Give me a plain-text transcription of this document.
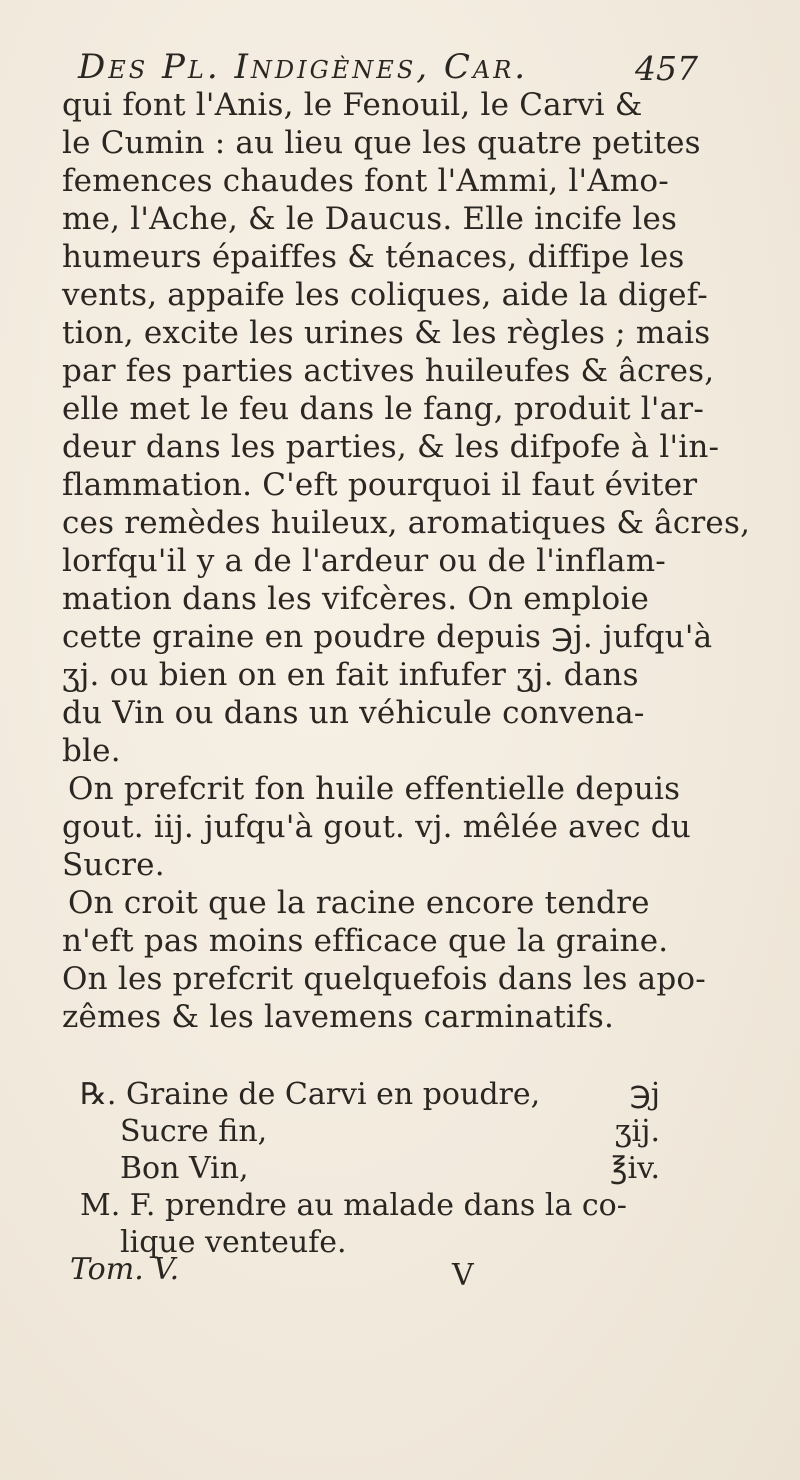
Des Pl. Indigènes, Car.	457
qui font l'Anis, le Fenouil, le Carvi &
le Cumin : au lieu que les quatre petites
femences chaudes font l'Ammi, l'Amo-
me, l'Ache, & le Daucus. Elle incife les
humeurs épaiffes & ténaces, diffipe les
vents, appaife les coliques, aide la digef-
tion, excite les urines & les règles ; mais
par fes parties actives huileufes & âcres,
elle met le feu dans le fang, produit l'ar-
deur dans les parties, & les difpofe à l'in-
flammation. C'eft pourquoi il faut éviter
ces remèdes huileux, aromatiques & âcres,
lorfqu'il y a de l'ardeur ou de l'inflam-
mation dans les vifcères. On emploie
cette graine en poudre depuis ℈j. jufqu'à
ʒj. ou bien on en fait infufer ʒj. dans
du Vin ou dans un véhicule convena-
ble.
On prefcrit fon huile effentielle depuis
gout. iij. jufqu'à gout. vj. mêlée avec du
Sucre.
On croit que la racine encore tendre
n'eft pas moins efficace que la graine.
On les prefcrit quelquefois dans les apo-
zêmes & les lavemens carminatifs.
℞. Graine de Carvi en poudre,	℈j
Sucre fin,	ʒij.
Bon Vin,	℥iv.
M. F. prendre au malade dans la co-
lique venteufe.
Tom. V.	V
